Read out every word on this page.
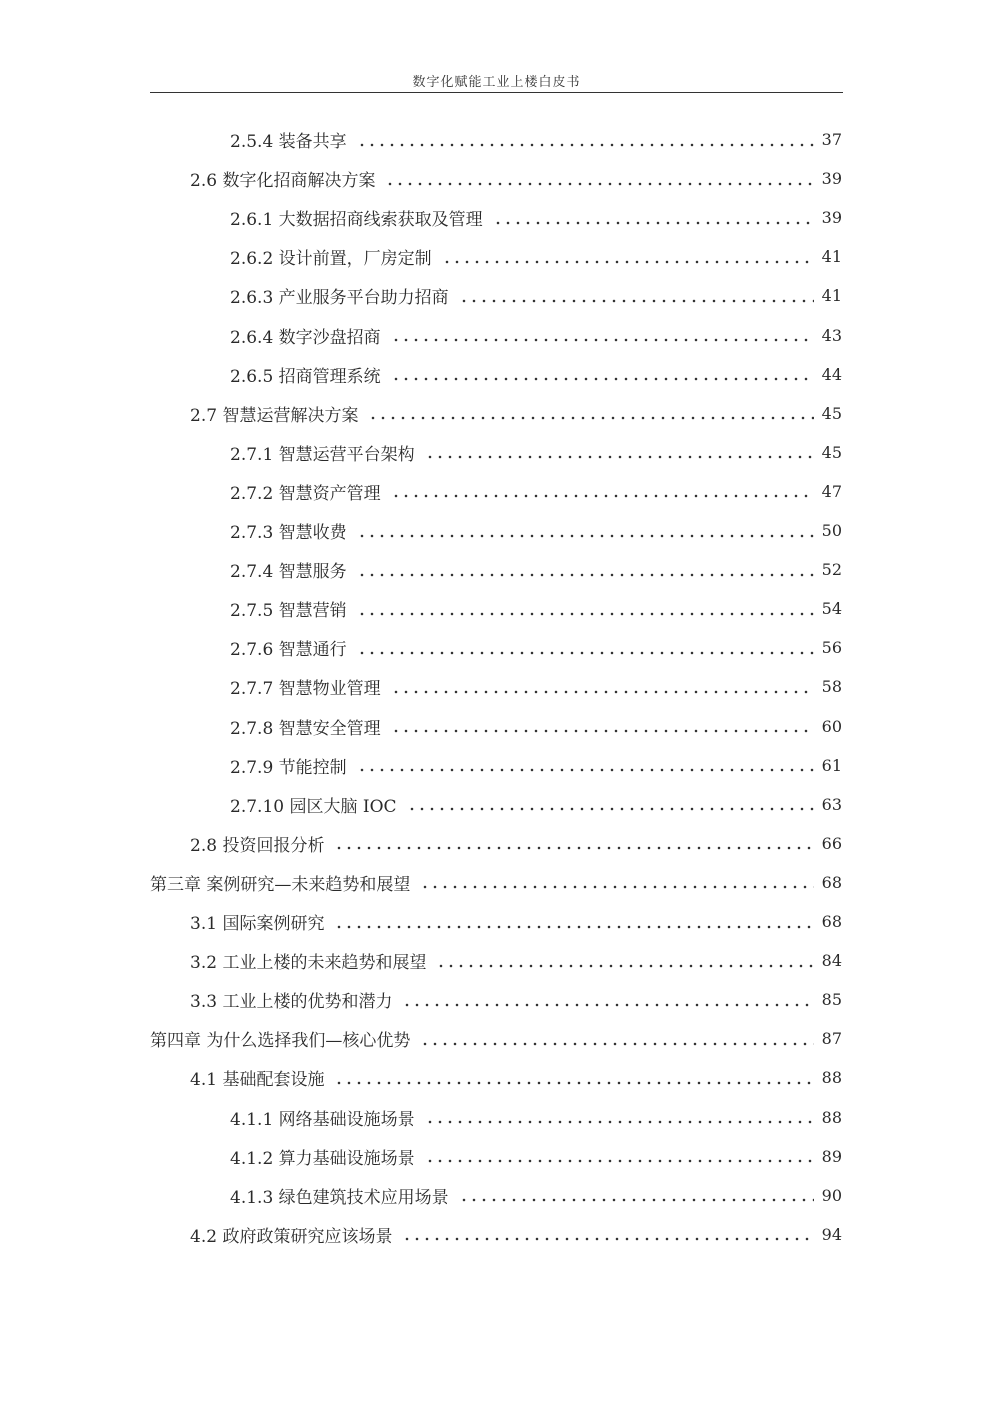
数字化赋能工业上楼白皮书
2.5.4 装备共享	37
2.6 数字化招商解决方案	39
2.6.1 大数据招商线索获取及管理	39
2.6.2 设计前置，厂房定制	41
2.6.3 产业服务平台助力招商	41
2.6.4 数字沙盘招商	43
2.6.5 招商管理系统	44
2.7 智慧运营解决方案	45
2.7.1 智慧运营平台架构	45
2.7.2 智慧资产管理	47
2.7.3 智慧收费	50
2.7.4 智慧服务	52
2.7.5 智慧营销	54
2.7.6 智慧通行	56
2.7.7 智慧物业管理	58
2.7.8 智慧安全管理	60
2.7.9 节能控制	61
2.7.10 园区大脑 IOC	63
2.8 投资回报分析	66
第三章 案例研究—未来趋势和展望	68
3.1 国际案例研究	68
3.2 工业上楼的未来趋势和展望	84
3.3 工业上楼的优势和潜力	85
第四章 为什么选择我们—核心优势	87
4.1 基础配套设施	88
4.1.1 网络基础设施场景	88
4.1.2 算力基础设施场景	89
4.1.3 绿色建筑技术应用场景	90
4.2 政府政策研究应该场景	94
